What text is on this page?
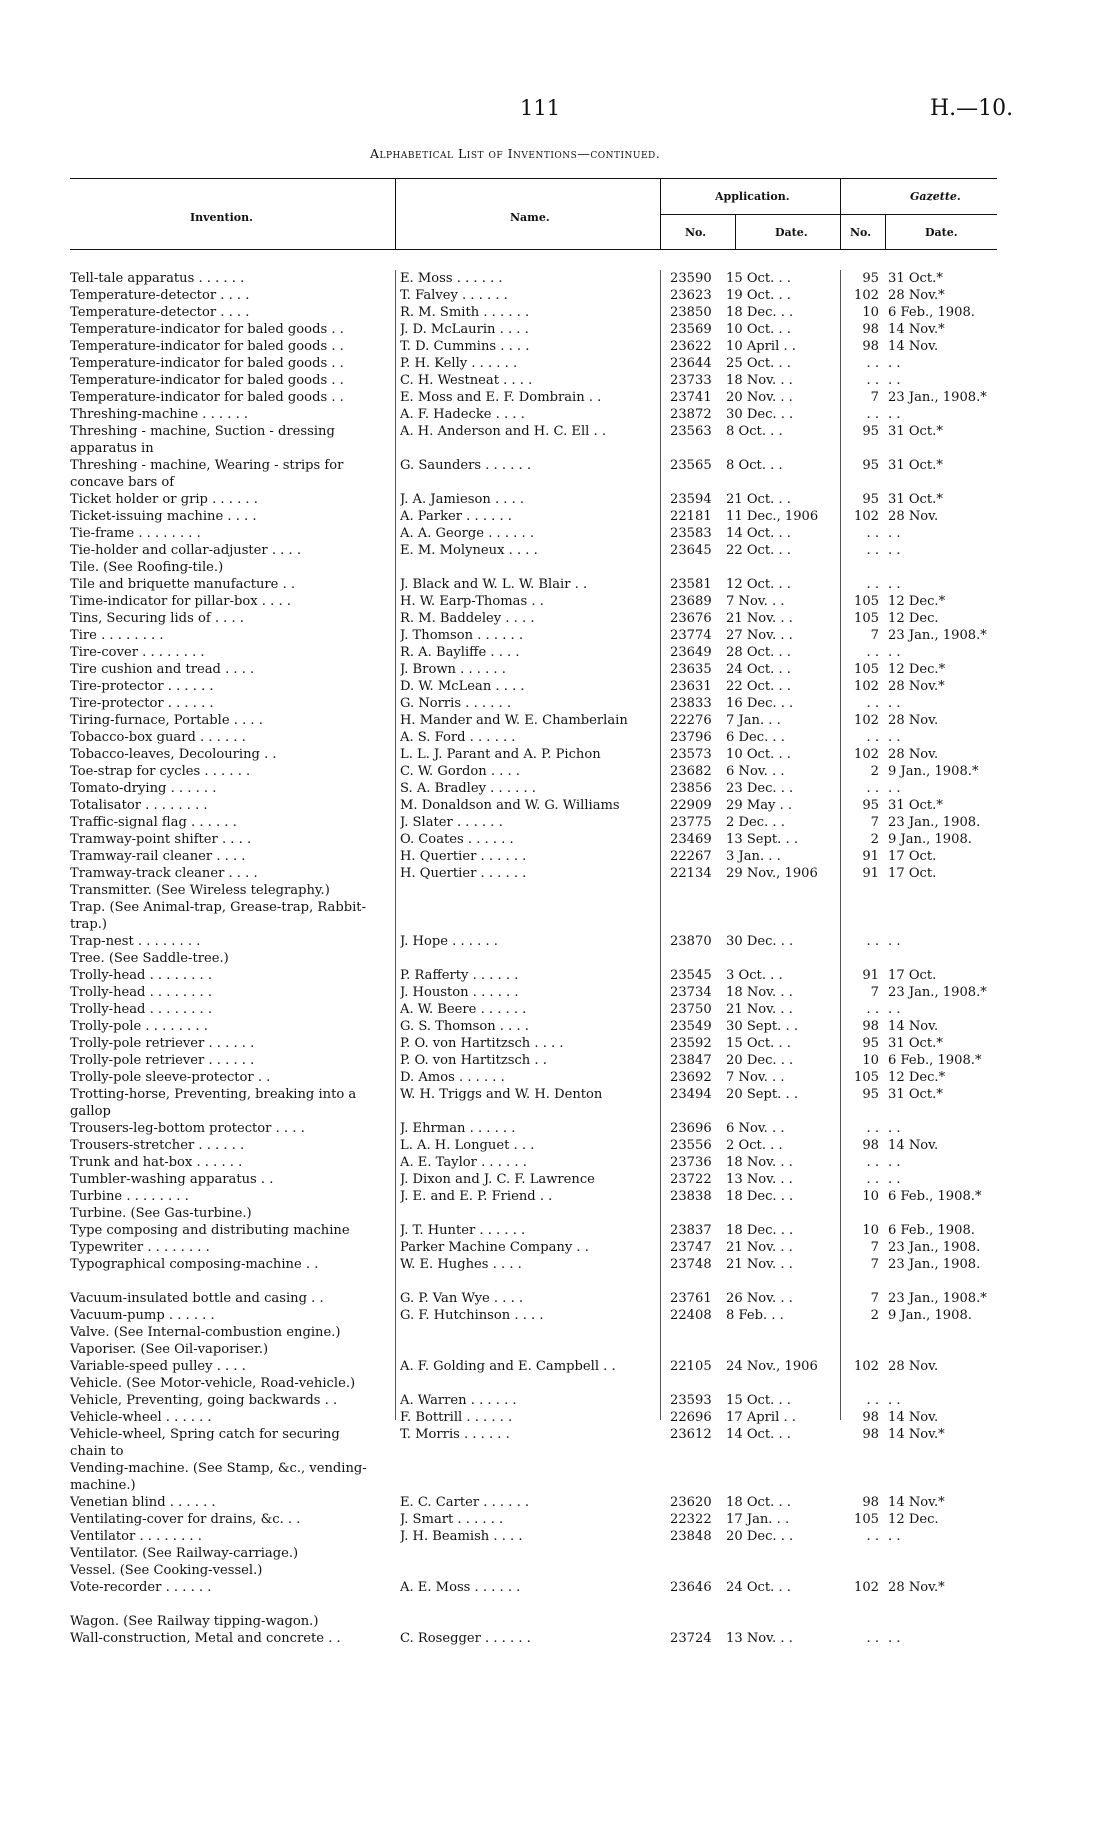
111	H.—10.
Alphabetical List of Inventions—continued.
Invention.	Name.
Application.	Gazette.
No.	Date.	No.	Date.
Tell-tale apparatus . . . . . .	E. Moss . . . . . .	23590	15 Oct. . .	95 31 Oct.*
Temperature-detector . . . .	T. Falvey . . . . . .	23623	19 Oct. . .	102 28 Nov.*
Temperature-detector . . . .	R. M. Smith . . . . . .	23850	18 Dec. . .	10 6 Feb., 1908.
Temperature-indicator for baled goods . .	J. D. McLaurin . . . .	23569	10 Oct. . .	98 14 Nov.*
Temperature-indicator for baled goods . .	T. D. Cummins . . . .	23622	10 April . .	98 14 Nov.
Temperature-indicator for baled goods . .	P. H. Kelly . . . . . .	23644	25 Oct. . .	. . . .
Temperature-indicator for baled goods . .	C. H. Westneat . . . .	23733	18 Nov. . .	. . . .
Temperature-indicator for baled goods . .	E. Moss and E. F. Dombrain . .	23741	20 Nov. . .	7 23 Jan., 1908.*
Threshing-machine . . . . . .	A. F. Hadecke . . . .	23872	30 Dec. . .	. . . .
Threshing - machine, Suction - dressing apparatus in
A. H. Anderson and H. C. Ell . .	23563	8 Oct. . .	95 31 Oct.*
Threshing - machine, Wearing - strips for concave bars of
G. Saunders . . . . . .	23565	8 Oct. . .	95 31 Oct.*
Ticket holder or grip . . . . . .	J. A. Jamieson . . . .	23594	21 Oct. . .	95 31 Oct.*
Ticket-issuing machine . . . .	A. Parker . . . . . .	22181	11 Dec., 1906	102 28 Nov.
Tie-frame . . . . . . . .	A. A. George . . . . . .	23583	14 Oct. . .	. . . .
Tie-holder and collar-adjuster . . . .	E. M. Molyneux . . . .	23645	22 Oct. . .	. . . .
Tile. (See Roofing-tile.)
Tile and briquette manufacture . .	J. Black and W. L. W. Blair . .	23581	12 Oct. . .	. . . .
Time-indicator for pillar-box . . . .	H. W. Earp-Thomas . .	23689	7 Nov. . .	105 12 Dec.*
Tins, Securing lids of . . . .	R. M. Baddeley . . . .	23676	21 Nov. . .	105 12 Dec.
Tire . . . . . . . .	J. Thomson . . . . . .	23774	27 Nov. . .	7 23 Jan., 1908.*
Tire-cover . . . . . . . .	R. A. Bayliffe . . . .	23649	28 Oct. . .	. . . .
Tire cushion and tread . . . .	J. Brown . . . . . .	23635	24 Oct. . .	105 12 Dec.*
Tire-protector . . . . . .	D. W. McLean . . . .	23631	22 Oct. . .	102 28 Nov.*
Tire-protector . . . . . .	G. Norris . . . . . .	23833	16 Dec. . .	. . . .
Tiring-furnace, Portable . . . .	H. Mander and W. E. Chamberlain	22276	7 Jan. . .	102 28 Nov.
Tobacco-box guard . . . . . .	A. S. Ford . . . . . .	23796	6 Dec. . .	. . . .
Tobacco-leaves, Decolouring . .	L. L. J. Parant and A. P. Pichon	23573	10 Oct. . .	102 28 Nov.
Toe-strap for cycles . . . . . .	C. W. Gordon . . . .	23682	6 Nov. . .	2 9 Jan., 1908.*
Tomato-drying . . . . . .	S. A. Bradley . . . . . .	23856	23 Dec. . .	. . . .
Totalisator . . . . . . . .	M. Donaldson and W. G. Williams	22909	29 May . .	95 31 Oct.*
Traffic-signal flag . . . . . .	J. Slater . . . . . .	23775	2 Dec. . .	7 23 Jan., 1908.
Tramway-point shifter . . . .	O. Coates . . . . . .	23469	13 Sept. . .	2 9 Jan., 1908.
Tramway-rail cleaner . . . .	H. Quertier . . . . . .	22267	3 Jan. . .	91 17 Oct.
Tramway-track cleaner . . . .	H. Quertier . . . . . .	22134	29 Nov., 1906	91 17 Oct.
Transmitter. (See Wireless telegraphy.)
Trap. (See Animal-trap, Grease-trap, Rabbit-trap.)
Trap-nest . . . . . . . .	J. Hope . . . . . .	23870	30 Dec. . .	. . . .
Tree. (See Saddle-tree.)
Trolly-head . . . . . . . .	P. Rafferty . . . . . .	23545	3 Oct. . .	91 17 Oct.
Trolly-head . . . . . . . .	J. Houston . . . . . .	23734	18 Nov. . .	7 23 Jan., 1908.*
Trolly-head . . . . . . . .	A. W. Beere . . . . . .	23750	21 Nov. . .	. . . .
Trolly-pole . . . . . . . .	G. S. Thomson . . . .	23549	30 Sept. . .	98 14 Nov.
Trolly-pole retriever . . . . . .	P. O. von Hartitzsch . . . .	23592	15 Oct. . .	95 31 Oct.*
Trolly-pole retriever . . . . . .	P. O. von Hartitzsch . .	23847	20 Dec. . .	10 6 Feb., 1908.*
Trolly-pole sleeve-protector . .	D. Amos . . . . . .	23692	7 Nov. . .	105 12 Dec.*
Trotting-horse, Preventing, breaking into a gallop
W. H. Triggs and W. H. Denton	23494	20 Sept. . .	95 31 Oct.*
Trousers-leg-bottom protector . . . .	J. Ehrman . . . . . .	23696	6 Nov. . .	. . . .
Trousers-stretcher . . . . . .	L. A. H. Longuet . . .	23556	2 Oct. . .	98 14 Nov.
Trunk and hat-box . . . . . .	A. E. Taylor . . . . . .	23736	18 Nov. . .	. . . .
Tumbler-washing apparatus . .	J. Dixon and J. C. F. Lawrence	23722	13 Nov. . .	. . . .
Turbine . . . . . . . .	J. E. and E. P. Friend . .	23838	18 Dec. . .	10 6 Feb., 1908.*
Turbine. (See Gas-turbine.)
Type composing and distributing machine	J. T. Hunter . . . . . .	23837	18 Dec. . .	10 6 Feb., 1908.
Typewriter . . . . . . . .	Parker Machine Company . .	23747	21 Nov. . .	7 23 Jan., 1908.
Typographical composing-machine . .	W. E. Hughes . . . .	23748	21 Nov. . .	7 23 Jan., 1908.

Vacuum-insulated bottle and casing . .	G. P. Van Wye . . . .	23761	26 Nov. . .	7 23 Jan., 1908.*
Vacuum-pump . . . . . .	G. F. Hutchinson . . . .	22408	8 Feb. . .	2 9 Jan., 1908.
Valve. (See Internal-combustion engine.)
Vaporiser. (See Oil-vaporiser.)
Variable-speed pulley . . . .	A. F. Golding and E. Campbell . .	22105	24 Nov., 1906	102 28 Nov.
Vehicle. (See Motor-vehicle, Road-vehicle.)
Vehicle, Preventing, going backwards . .	A. Warren . . . . . .	23593	15 Oct. . .	. . . .
Vehicle-wheel . . . . . .	F. Bottrill . . . . . .	22696	17 April . .	98 14 Nov.
Vehicle-wheel, Spring catch for securing chain to
T. Morris . . . . . .	23612	14 Oct. . .	98 14 Nov.*
Vending-machine. (See Stamp, &c., vending-machine.)
Venetian blind . . . . . .	E. C. Carter . . . . . .	23620	18 Oct. . .	98 14 Nov.*
Ventilating-cover for drains, &c. . .	J. Smart . . . . . .	22322	17 Jan. . .	105 12 Dec.
Ventilator . . . . . . . .	J. H. Beamish . . . .	23848	20 Dec. . .	. . . .
Ventilator. (See Railway-carriage.)
Vessel. (See Cooking-vessel.)
Vote-recorder . . . . . .	A. E. Moss . . . . . .	23646	24 Oct. . .	102 28 Nov.*

Wagon. (See Railway tipping-wagon.)
Wall-construction, Metal and concrete . .	C. Rosegger . . . . . .	23724	13 Nov. . .	. . . .
